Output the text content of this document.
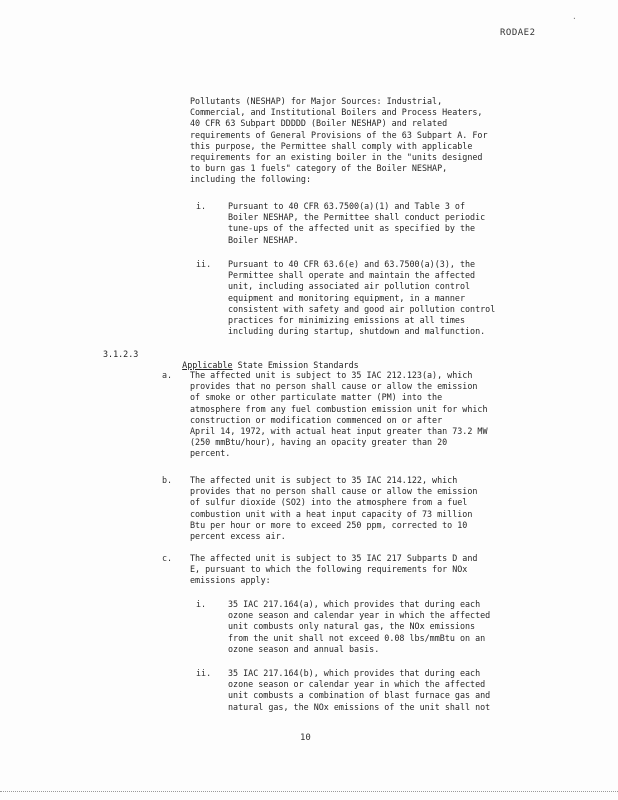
RODAE2
·
Pollutants (NESHAP) for Major Sources: Industrial,
Commercial, and Institutional Boilers and Process Heaters,
40 CFR 63 Subpart DDDDD (Boiler NESHAP) and related
requirements of General Provisions of the 63 Subpart A. For
this purpose, the Permittee shall comply with applicable
requirements for an existing boiler in the "units designed
to burn gas 1 fuels" category of the Boiler NESHAP,
including the following:
i.	Pursuant to 40 CFR 63.7500(a)(1) and Table 3 of
Boiler NESHAP, the Permittee shall conduct periodic
tune-ups of the affected unit as specified by the
Boiler NESHAP.
ii. Pursuant to 40 CFR 63.6(e) and 63.7500(a)(3), the
Permittee shall operate and maintain the affected
unit, including associated air pollution control
equipment and monitoring equipment, in a manner
consistent with safety and good air pollution control
practices for minimizing emissions at all times
including during startup, shutdown and malfunction.
3.1.2.3

Applicable State Emission Standards

a. The affected unit is subject to 35 IAC 212.123(a), which
provides that no person shall cause or allow the emission
of smoke or other particulate matter (PM) into the
atmosphere from any fuel combustion emission unit for which
construction or modification commenced on or after
April 14, 1972, with actual heat input greater than 73.2 MW
(250 mmBtu/hour), having an opacity greater than 20
percent.
b. The affected unit is subject to 35 IAC 214.122, which
provides that no person shall cause or allow the emission
of sulfur dioxide (SO2) into the atmosphere from a fuel
combustion unit with a heat input capacity of 73 million
Btu per hour or more to exceed 250 ppm, corrected to 10
percent excess air.
c. The affected unit is subject to 35 IAC 217 Subparts D and
E, pursuant to which the following requirements for NOx
emissions apply:
i.	35 IAC 217.164(a), which provides that during each
ozone season and calendar year in which the affected
unit combusts only natural gas, the NOx emissions
from the unit shall not exceed 0.08 lbs/mmBtu on an
ozone season and annual basis.
ii. 35 IAC 217.164(b), which provides that during each
ozone season or calendar year in which the affected
unit combusts a combination of blast furnace gas and
natural gas, the NOx emissions of the unit shall not
10
